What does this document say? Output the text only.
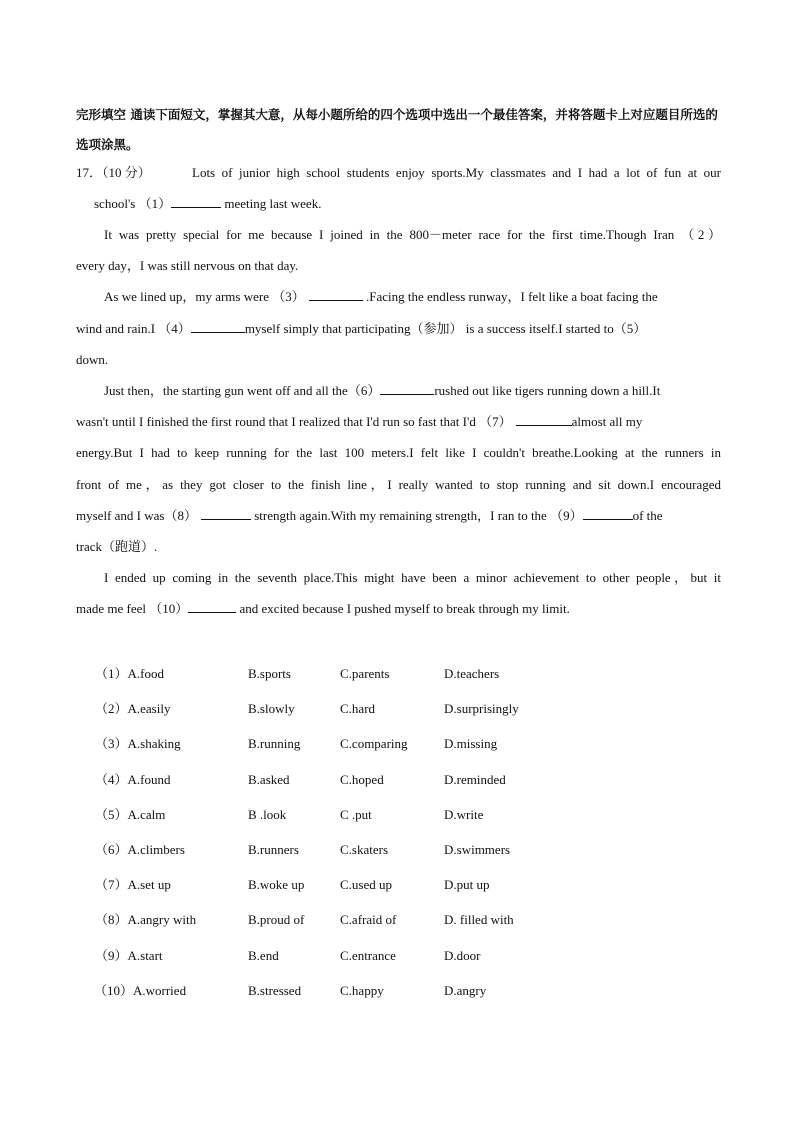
完形填空 通读下面短文，掌握其大意，从每小题所给的四个选项中选出一个最佳答案，并将答题卡上对应题目所选的选项涂黑。
17．（10 分）	Lots of junior high school students enjoy sports.My classmates and I had a lot of fun at our
school's （1）	meeting last week.
It was pretty special for me because I joined in the 800－meter race for the first time.Though Iran （2）
every day，I was still nervous on that day.
As we lined up，my arms were （3）	.Facing the endless runway，I felt like a boat facing the
wind and rain.I （4）	myself simply that participating（参加） is a success itself.I started to（5）
down.
Just then，the starting gun went off and all the（6）	rushed out like tigers running down a hill.It
wasn't until I finished the first round that I realized that I'd run so fast that I'd （7）	almost all my
energy.But I had to keep running for the last 100 meters.I felt like I couldn't breathe.Looking at the runners in
front of me，as they got closer to the finish line，I really wanted to stop running and sit down.I encouraged
myself and I was（8）	strength again.With my remaining strength，I ran to the （9）	of the
track（跑道）.
I ended up coming in the seventh place.This might have been a minor achievement to other people，but it
made me feel （10）	and excited because I pushed myself to break through my limit.
（1）A.food	B.sports	C.parents	D.teachers
（2）A.easily	B.slowly	C.hard	D.surprisingly
（3）A.shaking	B.running	C.comparing	D.missing
（4）A.found	B.asked	C.hoped	D.reminded
（5）A.calm	B .look	C .put	D.write
（6）A.climbers	B.runners	C.skaters	D.swimmers
（7）A.set up	B.woke up	C.used up	D.put up
（8）A.angry with	B.proud of	C.afraid of	D. filled with
（9）A.start	B.end	C.entrance	D.door
（10）A.worried	B.stressed	C.happy	D.angry
